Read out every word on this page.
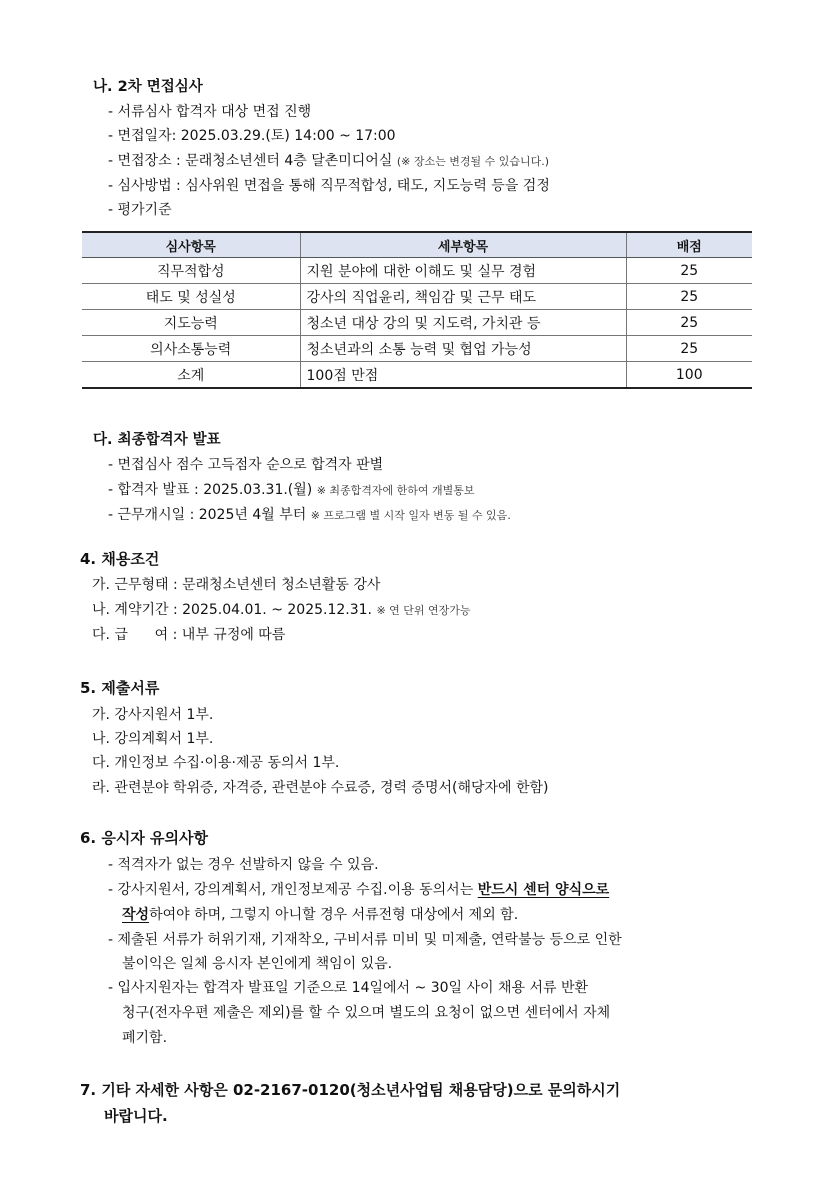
나. 2차 면접심사
- 서류심사 합격자 대상 면접 진행
- 면접일자: 2025.03.29.(토) 14:00 ~ 17:00
- 면접장소 : 문래청소년센터 4층 달촌미디어실 (※ 장소는 변경될 수 있습니다.)
- 심사방법 : 심사위원 면접을 통해 직무적합성, 태도, 지도능력 등을 검정
- 평가기준
심사항목	세부항목	배점
직무적합성	지원 분야에 대한 이해도 및 실무 경험	25
태도 및 성실성	강사의 직업윤리, 책임감 및 근무 태도	25
지도능력	청소년 대상 강의 및 지도력, 가치관 등	25
의사소통능력	청소년과의 소통 능력 및 협업 가능성	25
소계	100점 만점	100
다. 최종합격자 발표
- 면접심사 점수 고득점자 순으로 합격자 판별
- 합격자 발표 : 2025.03.31.(월) ※ 최종합격자에 한하여 개별통보
- 근무개시일 : 2025년 4월 부터 ※ 프로그램 별 시작 일자 변동 될 수 있음.
4. 채용조건
가. 근무형태 : 문래청소년센터 청소년활동 강사
나. 계약기간 : 2025.04.01. ~ 2025.12.31. ※ 연 단위 연장가능
다. 급      여 : 내부 규정에 따름
5. 제출서류
가. 강사지원서 1부.
나. 강의계획서 1부.
다. 개인정보 수집·이용·제공 동의서 1부.
라. 관련분야 학위증, 자격증, 관련분야 수료증, 경력 증명서(해당자에 한함)
6. 응시자 유의사항
- 적격자가 없는 경우 선발하지 않을 수 있음.
- 강사지원서, 강의계획서, 개인정보제공 수집.이용 동의서는 반드시 센터 양식으로
작성하여야 하며, 그렇지 아니할 경우 서류전형 대상에서 제외 함.
- 제출된 서류가 허위기재, 기재착오, 구비서류 미비 및 미제출, 연락불능 등으로 인한
불이익은 일체 응시자 본인에게 책임이 있음.
- 입사지원자는 합격자 발표일 기준으로 14일에서 ~ 30일 사이 채용 서류 반환
청구(전자우편 제출은 제외)를 할 수 있으며 별도의 요청이 없으면 센터에서 자체
폐기함.
7. 기타 자세한 사항은 02-2167-0120(청소년사업팀 채용담당)으로 문의하시기
바랍니다.
